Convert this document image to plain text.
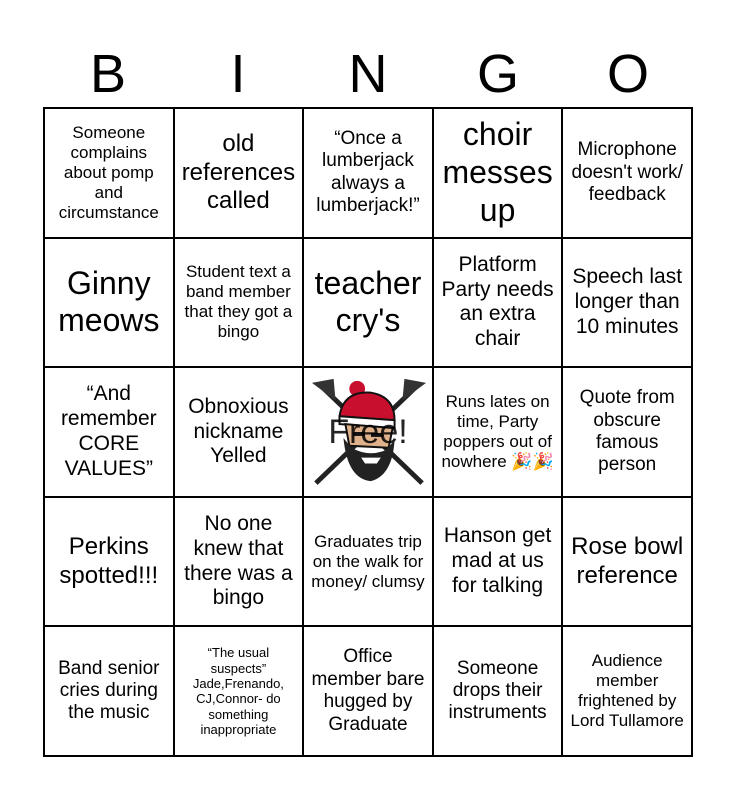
B	I	N	G	O
Someone complains about pomp and circumstance
old references called
“Once a lumberjack always a lumberjack!”
choir messes up
Microphone doesn't work/ feedback
Ginny meows
Student text a band member that they got a bingo
teacher cry's
Platform Party needs an extra chair
Speech last longer than 10 minutes
“And remember CORE VALUES”
Obnoxious nickname Yelled
Free!
Runs lates on time, Party poppers out of nowhere 🎉🎉
Quote from obscure famous person
Perkins spotted!!!
No one knew that there was a bingo
Graduates trip on the walk for money/ clumsy
Hanson get mad at us for talking
Rose bowl reference
Band senior cries during the music
“The usual suspects” Jade,Frenando, CJ,Connor- do something inappropriate
Office member bare hugged by Graduate
Someone drops their instruments
Audience member frightened by Lord Tullamore
